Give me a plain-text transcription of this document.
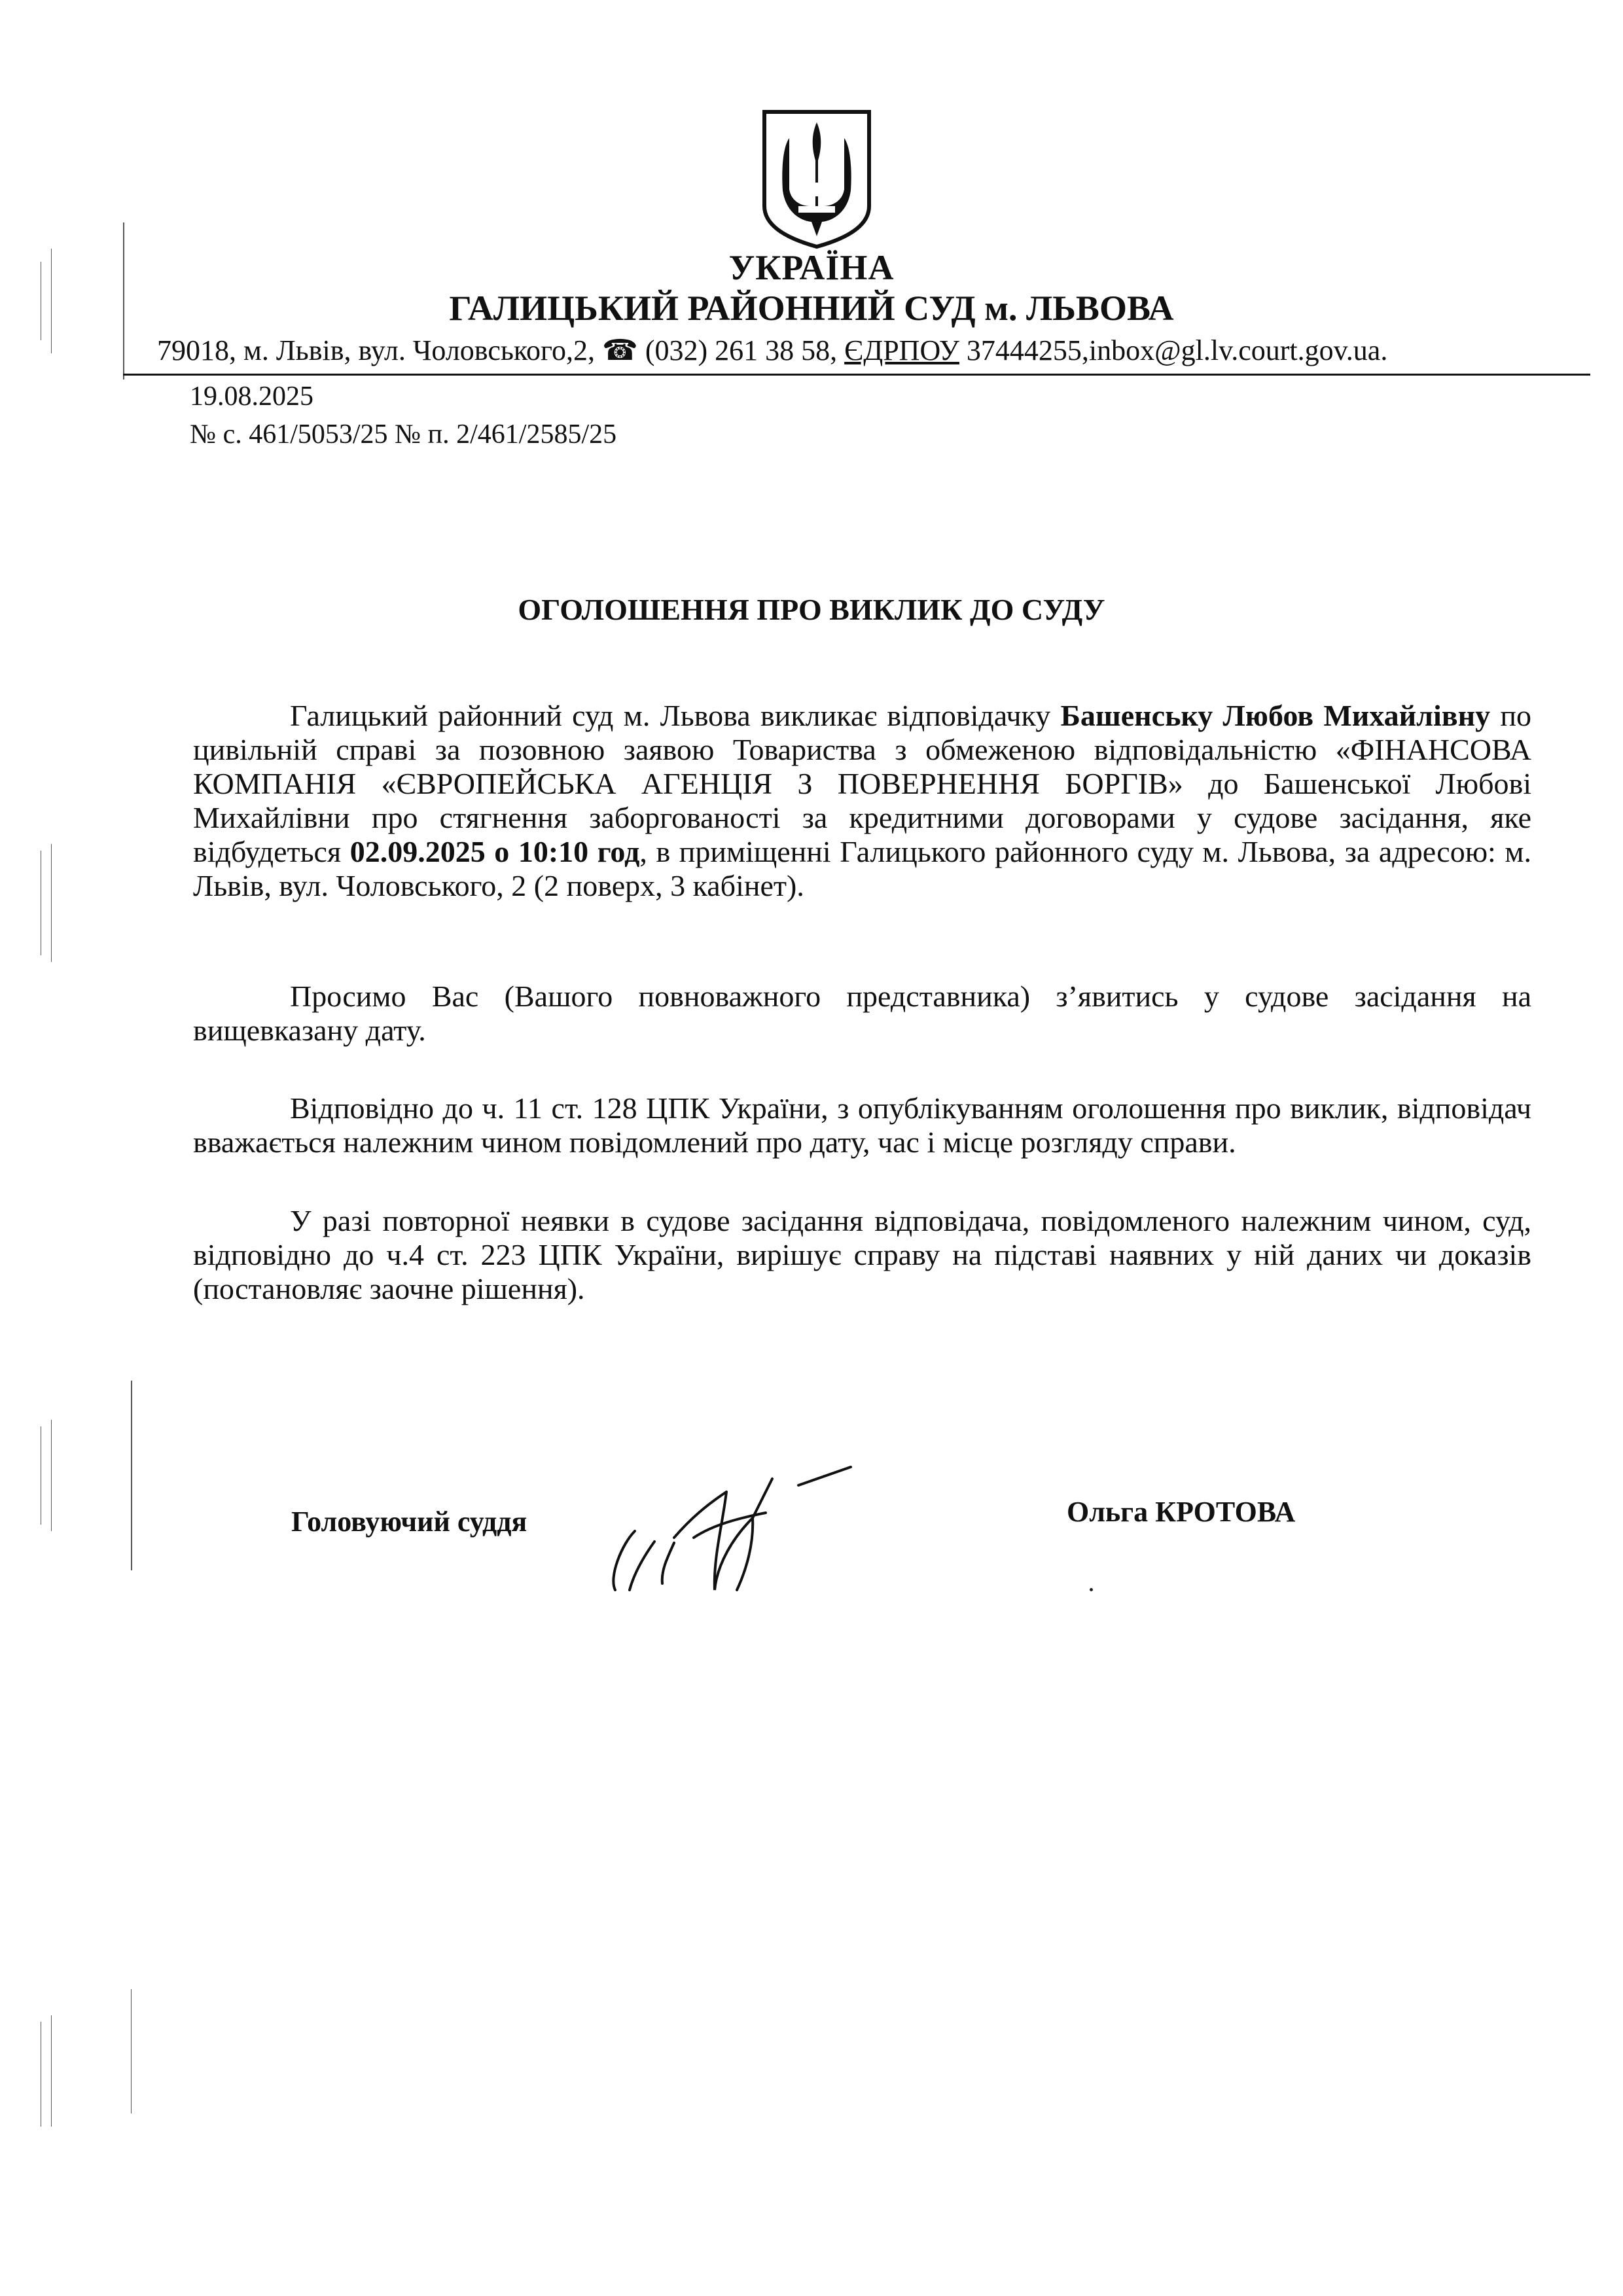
УКРАЇНА
ГАЛИЦЬКИЙ РАЙОННИЙ СУД м. ЛЬВОВА
79018, м. Львів, вул. Чоловського,2, ☎ (032) 261 38 58, ЄДРПОУ 37444255,inbox@gl.lv.court.gov.ua.
19.08.2025
№ с. 461/5053/25 № п. 2/461/2585/25
ОГОЛОШЕННЯ ПРО ВИКЛИК ДО СУДУ
Галицький районний суд м. Львова викликає відповідачку Башенську Любов Михайлівну по цивільній справі за позовною заявою Товариства з обмеженою відповідальністю «ФІНАНСОВА КОМПАНІЯ «ЄВРОПЕЙСЬКА АГЕНЦІЯ З ПОВЕРНЕННЯ БОРГІВ» до Башенської Любові Михайлівни про стягнення заборгованості за кредитними договорами у судове засідання, яке відбудеться 02.09.2025 о 10:10 год, в приміщенні Галицького районного суду м. Львова, за адресою: м. Львів, вул. Чоловського, 2 (2 поверх, 3 кабінет).
Просимо Вас (Вашого повноважного представника) з’явитись у судове засідання на вищевказану дату.
Відповідно до ч. 11 ст. 128 ЦПК України, з опублікуванням оголошення про виклик, відповідач вважається належним чином повідомлений про дату, час і місце розгляду справи.
У разі повторної неявки в судове засідання відповідача, повідомленого належним чином, суд, відповідно до ч.4 ст. 223 ЦПК України, вирішує справу на підставі наявних у ній даних чи доказів (постановляє заочне рішення).
Головуючий суддя	Ольга КРОТОВА
